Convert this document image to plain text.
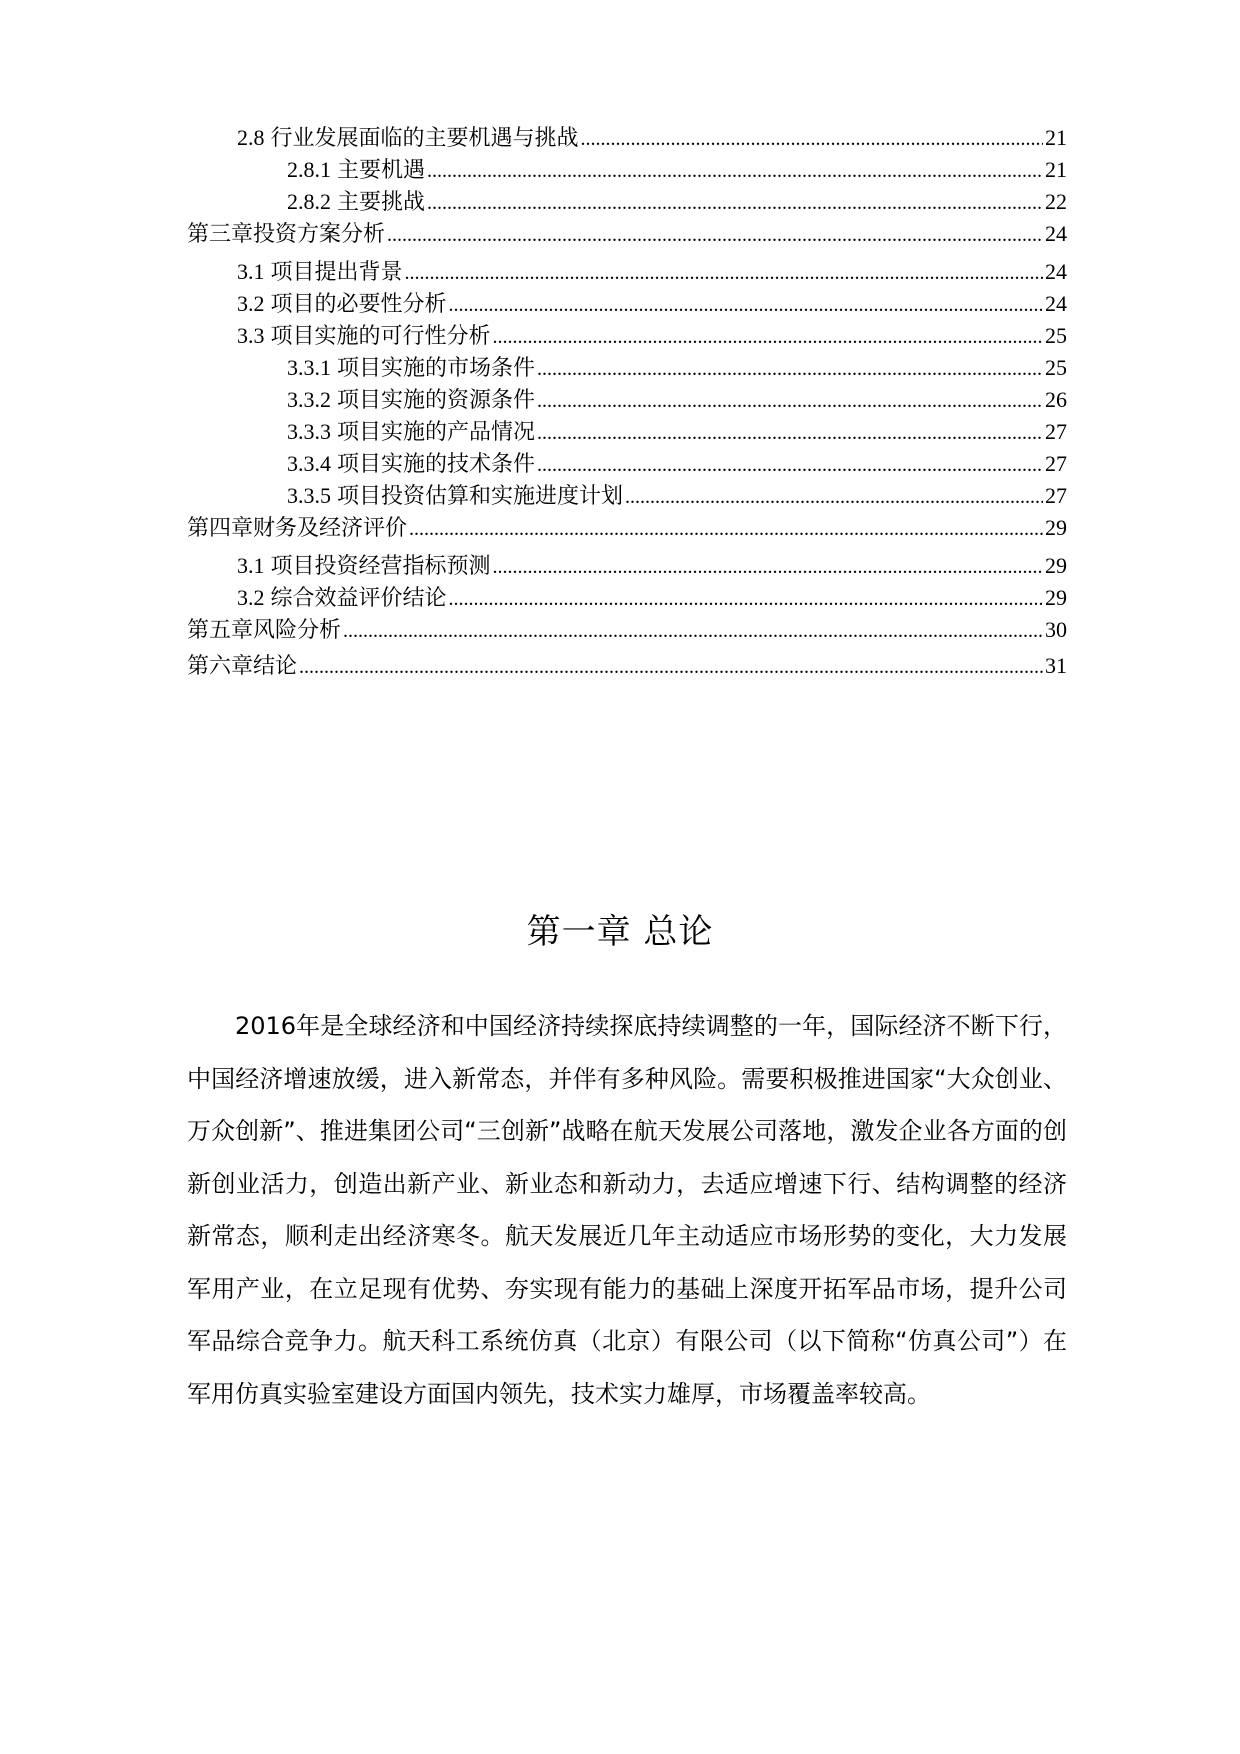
2.8 行业发展面临的主要机遇与挑战 .....	21
2.8.1 主要机遇 .....	21
2.8.2 主要挑战 .....	22
第三章投资方案分析 .....	24
3.1 项目提出背景 .....	24
3.2 项目的必要性分析 .....	24
3.3 项目实施的可行性分析 .....	25
3.3.1 项目实施的市场条件 .....	25
3.3.2 项目实施的资源条件 .....	26
3.3.3 项目实施的产品情况 .....	27
3.3.4 项目实施的技术条件 .....	27
3.3.5 项目投资估算和实施进度计划 .....	27
第四章财务及经济评价 .....	29
3.1 项目投资经营指标预测 .....	29
3.2 综合效益评价结论 .....	29
第五章风险分析 .....	30
第六章结论 .....	31
第一章 总论

2016年是全球经济和中国经济持续探底持续调整的一年，国际经济不断下行，中国经济增速放缓，进入新常态，并伴有多种风险。需要积极推进国家“大众创业、万众创新”、推进集团公司“三创新”战略在航天发展公司落地，激发企业各方面的创新创业活力，创造出新产业、新业态和新动力，去适应增速下行、结构调整的经济新常态，顺利走出经济寒冬。航天发展近几年主动适应市场形势的变化，大力发展军用产业，在立足现有优势、夯实现有能力的基础上深度开拓军品市场，提升公司军品综合竞争力。航天科工系统仿真（北京）有限公司（以下简称“仿真公司”）在军用仿真实验室建设方面国内领先，技术实力雄厚，市场覆盖率较高。
